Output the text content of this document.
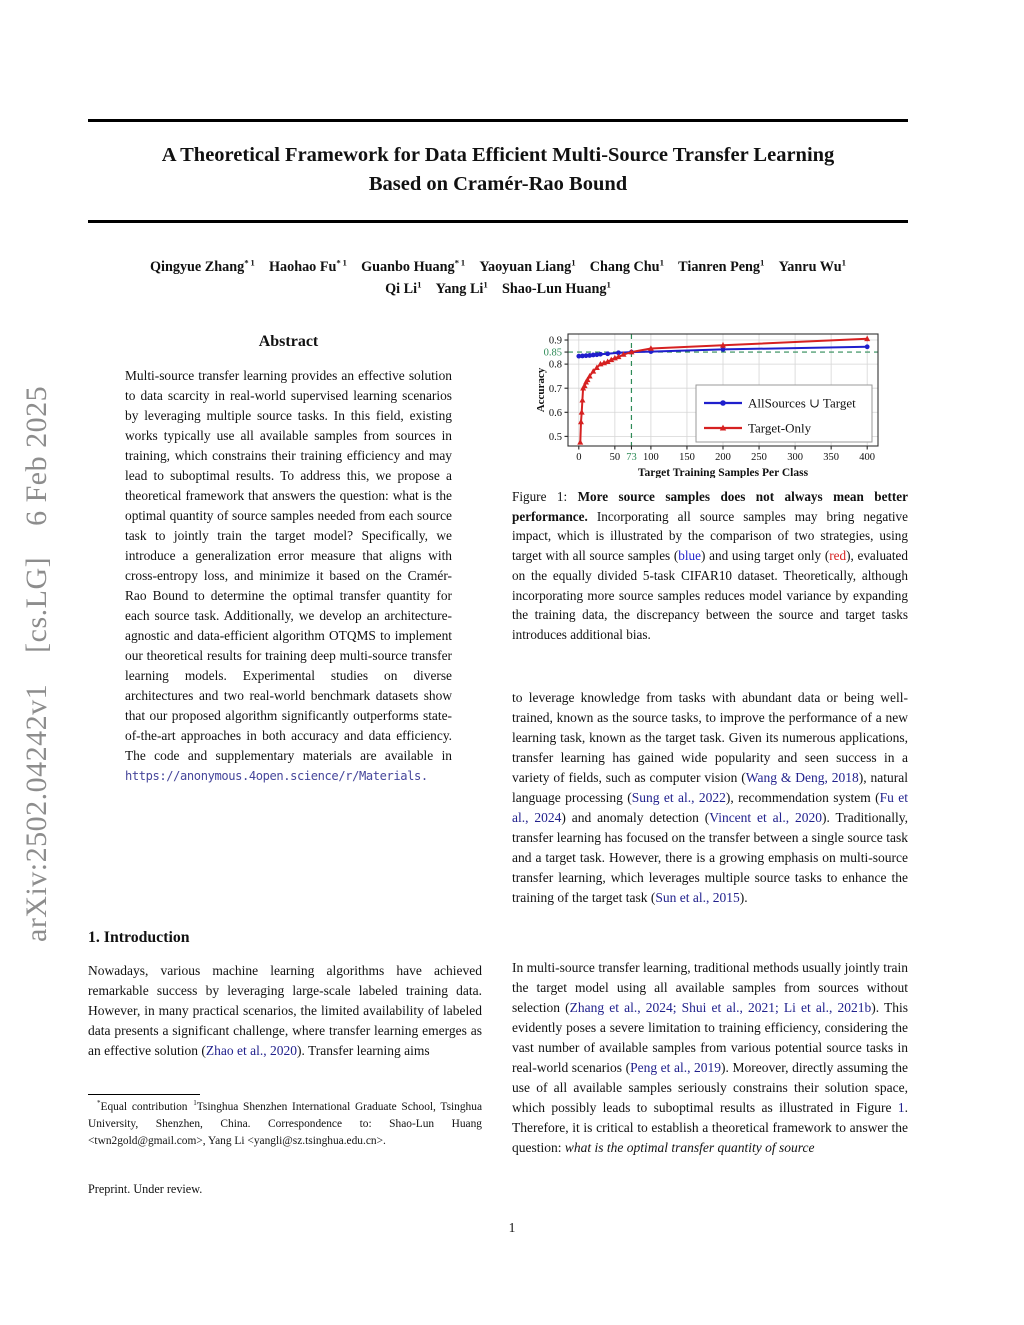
arXiv:2502.04242v1  [cs.LG]  6 Feb 2025
A Theoretical Framework for Data Efficient Multi-Source Transfer Learning
Based on Cramér-Rao Bound
Qingyue Zhang$^{* 1}$   Haohao Fu$^{* 1}$   Guanbo Huang$^{* 1}$   Yaoyuan Liang$^1$   Chang Chu$^1$   Tianren Peng$^1$   Yanru Wu$^1$
Qi Li$^1$   Yang Li$^1$   Shao-Lun Huang$^1$
Abstract
Multi-source transfer learning provides an effective solution to data scarcity in real-world supervised learning scenarios by leveraging multiple source tasks. In this field, existing works typically use all available samples from sources in training, which constrains their training efficiency and may lead to suboptimal results. To address this, we propose a theoretical framework that answers the question: what is the optimal quantity of source samples needed from each source task to jointly train the target model? Specifically, we introduce a generalization error measure that aligns with cross-entropy loss, and minimize it based on the Cramér-Rao Bound to determine the optimal transfer quantity for each source task. Additionally, we develop an architecture-agnostic and data-efficient algorithm OTQMS to implement our theoretical results for training deep multi-source transfer learning models. Experimental studies on diverse architectures and two real-world benchmark datasets show that our proposed algorithm significantly outperforms state-of-the-art approaches in both accuracy and data efficiency. The code and supplementary materials are available in https://anonymous.4open.science/r/Materials.
1. Introduction
Nowadays, various machine learning algorithms have achieved remarkable success by leveraging large-scale labeled training data. However, in many practical scenarios, the limited availability of labeled data presents a significant challenge, where transfer learning emerges as an effective solution (Zhao et al., 2020). Transfer learning aims
*Equal contribution $^1$Tsinghua Shenzhen International Graduate School, Tsinghua University, Shenzhen, China. Correspondence to: Shao-Lun Huang <twn2gold@gmail.com>, Yang Li <yangli@sz.tsinghua.edu.cn>.
Preprint. Under review.
0	50 73 100 150 200 250 300 350 400
0.5
0.6
0.7
0.8
0.85
0.9
AllSources ∪ Target
Target-Only
Target Training Samples Per Class
Accuracy
Figure 1: More source samples does not always mean better performance. Incorporating all source samples may bring negative impact, which is illustrated by the comparison of two strategies, using target with all source samples (blue) and using target only (red), evaluated on the equally divided 5-task CIFAR10 dataset. Theoretically, although incorporating more source samples reduces model variance by expanding the training data, the discrepancy between the source and target tasks introduces additional bias.
to leverage knowledge from tasks with abundant data or being well-trained, known as the source tasks, to improve the performance of a new learning task, known as the target task. Given its numerous applications, transfer learning has gained wide popularity and seen success in a variety of fields, such as computer vision (Wang & Deng, 2018), natural language processing (Sung et al., 2022), recommendation system (Fu et al., 2024) and anomaly detection (Vincent et al., 2020). Traditionally, transfer learning has focused on the transfer between a single source task and a target task. However, there is a growing emphasis on multi-source transfer learning, which leverages multiple source tasks to enhance the training of the target task (Sun et al., 2015).
In multi-source transfer learning, traditional methods usually jointly train the target model using all available samples from sources without selection (Zhang et al., 2024; Shui et al., 2021; Li et al., 2021b). This evidently poses a severe limitation to training efficiency, considering the vast number of available samples from various potential source tasks in real-world scenarios (Peng et al., 2019). Moreover, directly assuming the use of all available samples seriously constrains their solution space, which possibly leads to suboptimal results as illustrated in Figure 1. Therefore, it is critical to establish a theoretical framework to answer the question: what is the optimal transfer quantity of source
1
